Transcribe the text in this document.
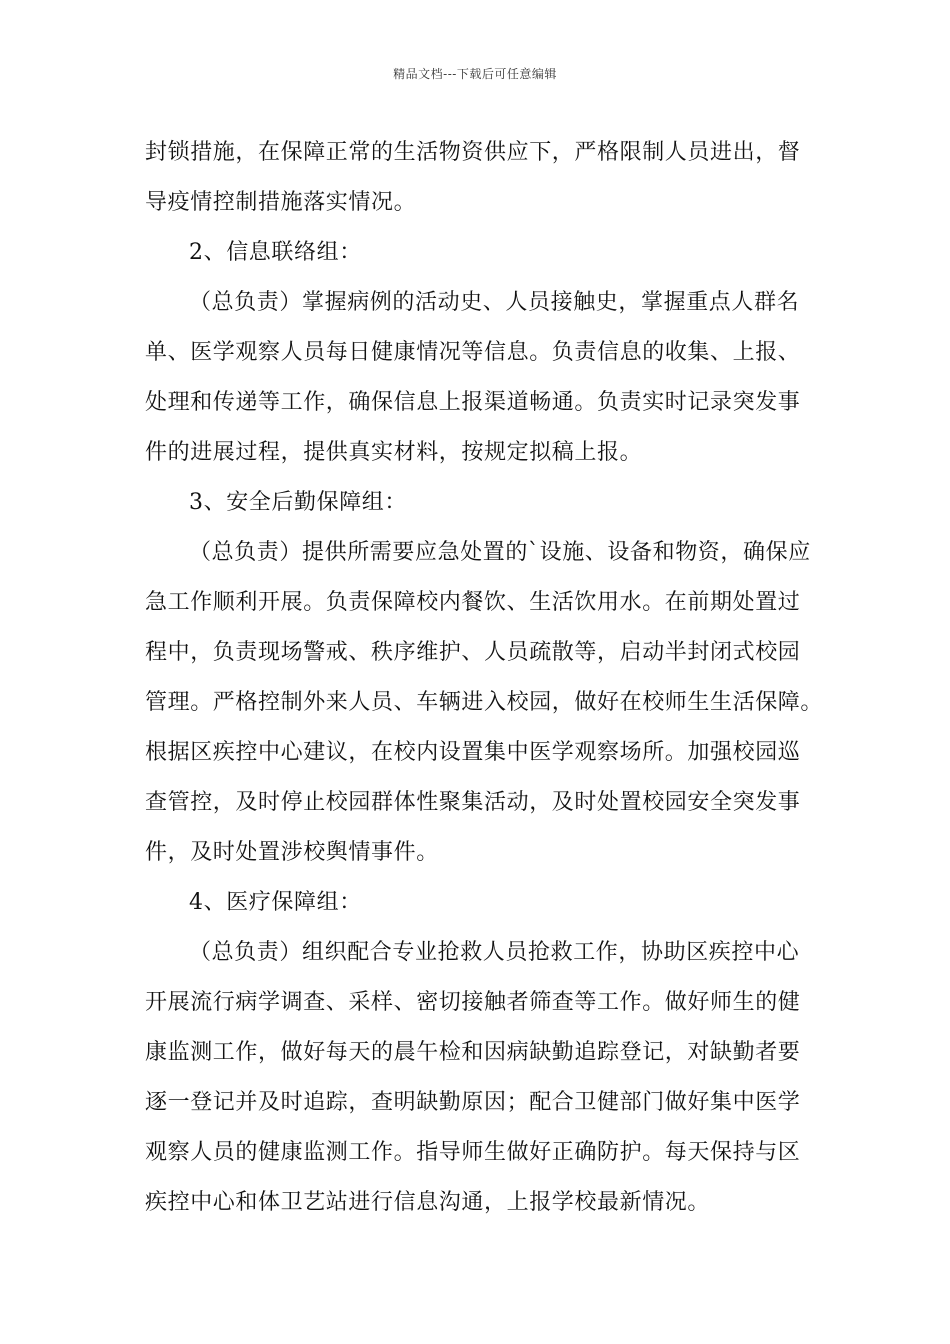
精品文档---下载后可任意编辑
封锁措施，在保障正常的生活物资供应下，严格限制人员进出，督
导疫情控制措施落实情况。
2、信息联络组：
（总负责）掌握病例的活动史、人员接触史，掌握重点人群名
单、医学观察人员每日健康情况等信息。负责信息的收集、上报、
处理和传递等工作，确保信息上报渠道畅通。负责实时记录突发事
件的进展过程，提供真实材料，按规定拟稿上报。
3、安全后勤保障组：
（总负责）提供所需要应急处置的`设施、设备和物资，确保应
急工作顺利开展。负责保障校内餐饮、生活饮用水。在前期处置过
程中，负责现场警戒、秩序维护、人员疏散等，启动半封闭式校园
管理。严格控制外来人员、车辆进入校园，做好在校师生生活保障。
根据区疾控中心建议，在校内设置集中医学观察场所。加强校园巡
查管控，及时停止校园群体性聚集活动，及时处置校园安全突发事
件，及时处置涉校舆情事件。
4、医疗保障组：
（总负责）组织配合专业抢救人员抢救工作，协助区疾控中心
开展流行病学调查、采样、密切接触者筛查等工作。做好师生的健
康监测工作，做好每天的晨午检和因病缺勤追踪登记，对缺勤者要
逐一登记并及时追踪，查明缺勤原因；配合卫健部门做好集中医学
观察人员的健康监测工作。指导师生做好正确防护。每天保持与区
疾控中心和体卫艺站进行信息沟通，上报学校最新情况。
